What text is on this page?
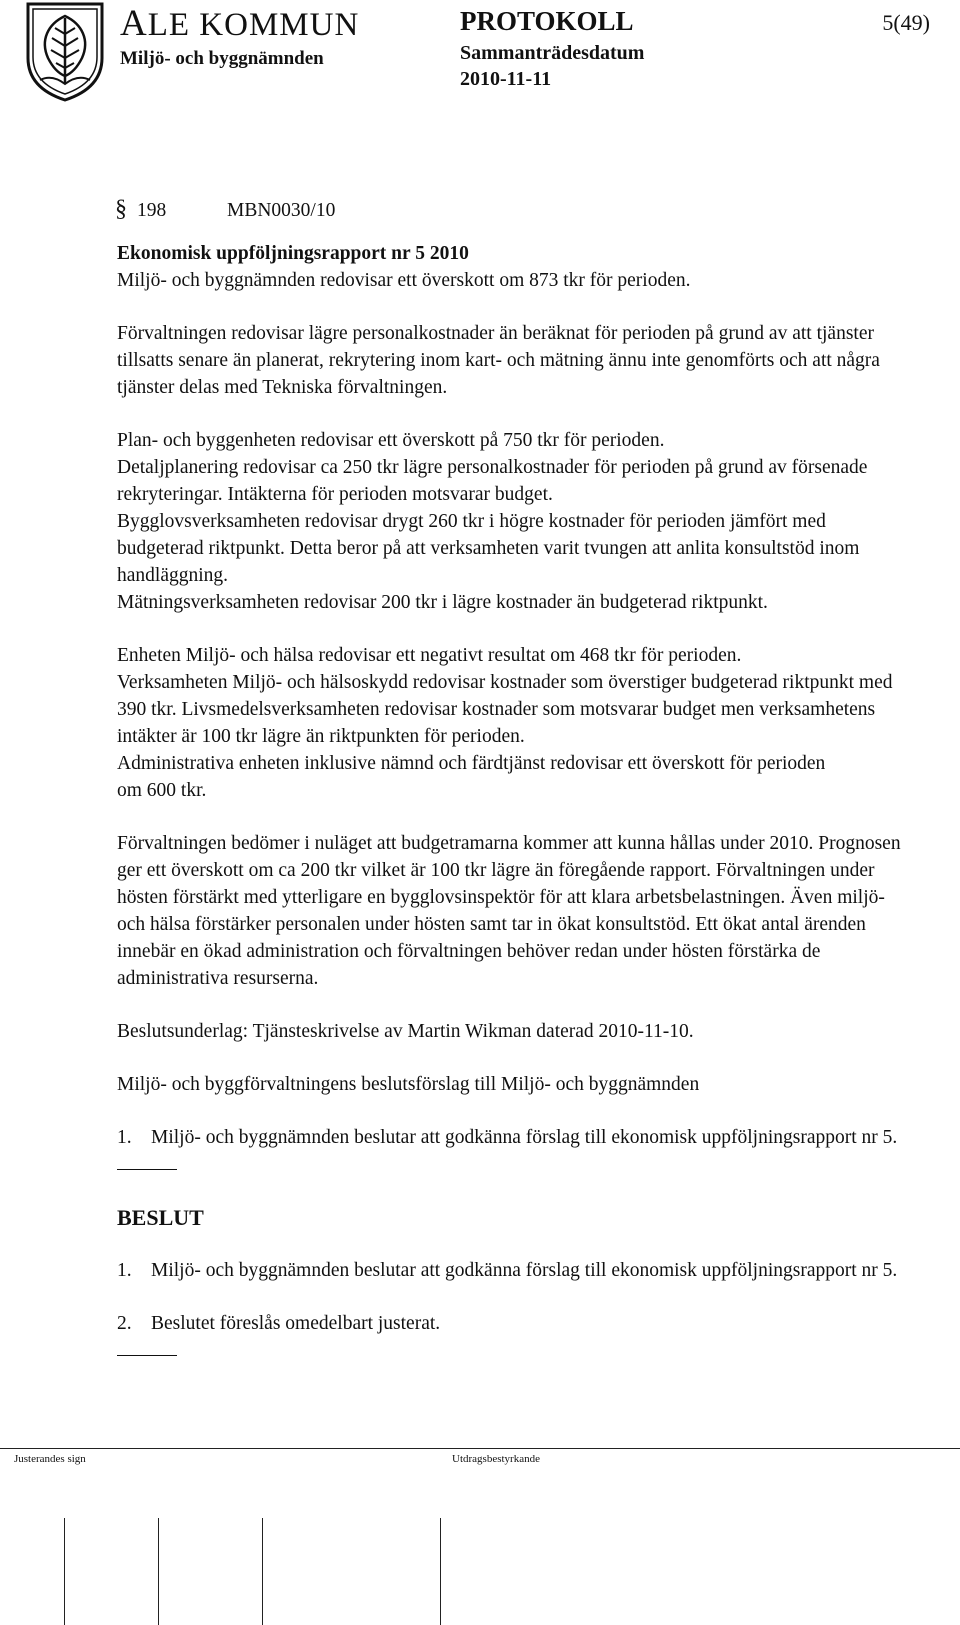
ALE KOMMUN
Miljö- och byggnämnden
PROTOKOLL
Sammanträdesdatum
2010-11-11
5(49)
§ 198	MBN0030/10

Ekonomisk uppföljningsrapport nr 5 2010

Miljö- och byggnämnden redovisar ett överskott om 873 tkr för perioden.

Förvaltningen redovisar lägre personalkostnader än beräknat för perioden på grund av att tjänster tillsatts senare än planerat, rekrytering inom kart- och mätning ännu inte genomförts och att några tjänster delas med Tekniska förvaltningen.

Plan- och byggenheten redovisar ett överskott på 750 tkr för perioden.

Detaljplanering redovisar ca 250 tkr lägre personalkostnader för perioden på grund av försenade rekryteringar. Intäkterna för perioden motsvarar budget.

Bygglovsverksamheten redovisar drygt 260 tkr i högre kostnader för perioden jämfört med budgeterad riktpunkt. Detta beror på att verksamheten varit tvungen att anlita konsultstöd inom handläggning.

Mätningsverksamheten redovisar 200 tkr i lägre kostnader än budgeterad riktpunkt.

Enheten Miljö- och hälsa redovisar ett negativt resultat om 468 tkr för perioden.

Verksamheten Miljö- och hälsoskydd redovisar kostnader som överstiger budgeterad riktpunkt med 390 tkr. Livsmedelsverksamheten redovisar kostnader som motsvarar budget men verksamhetens intäkter är 100 tkr lägre än riktpunkten för perioden.

Administrativa enheten inklusive nämnd och färdtjänst redovisar ett överskott för perioden

om 600 tkr.

Förvaltningen bedömer i nuläget att budgetramarna kommer att kunna hållas under 2010. Prognosen ger ett överskott om ca 200 tkr vilket är 100 tkr lägre än föregående rapport. Förvaltningen under hösten förstärkt med ytterligare en bygglovsinspektör för att klara arbetsbelastningen. Även miljö- och hälsa förstärker personalen under hösten samt tar in ökat konsultstöd. Ett ökat antal ärenden innebär en ökad administration och förvaltningen behöver redan under hösten förstärka de administrativa resurserna.

Beslutsunderlag: Tjänsteskrivelse av Martin Wikman daterad 2010-11-10.

Miljö- och byggförvaltningens beslutsförslag till Miljö- och byggnämnden

1. Miljö- och byggnämnden beslutar att godkänna förslag till ekonomisk uppföljningsrapport nr 5.

BESLUT

1. Miljö- och byggnämnden beslutar att godkänna förslag till ekonomisk uppföljningsrapport nr 5.
2. Beslutet föreslås omedelbart justerat.
Justerandes sign	Utdragsbestyrkande
